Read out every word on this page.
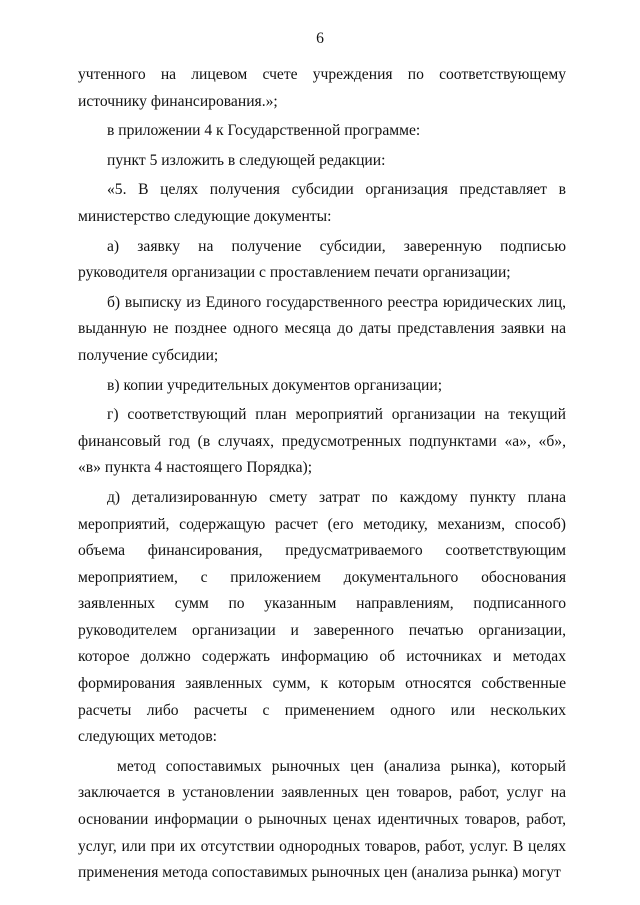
6

учтенного на лицевом счете учреждения по соответствующему источнику финансирования.»;

в приложении 4 к Государственной программе:

пункт 5 изложить в следующей редакции:

«5. В целях получения субсидии организация представляет в министерство следующие документы:

а) заявку на получение субсидии, заверенную подписью руководителя организации с проставлением печати организации;

б) выписку из Единого государственного реестра юридических лиц, выданную не позднее одного месяца до даты представления заявки на получение субсидии;

в) копии учредительных документов организации;

г) соответствующий план мероприятий организации на текущий финансовый год (в случаях, предусмотренных подпунктами «а», «б», «в» пункта 4 настоящего Порядка);

д) детализированную смету затрат по каждому пункту плана мероприятий, содержащую расчет (его методику, механизм, способ) объема финансирования, предусматриваемого соответствующим мероприятием, с приложением документального обоснования заявленных сумм по указанным направлениям, подписанного руководителем организации и заверенного печатью организации, которое должно содержать информацию об источниках и методах формирования заявленных сумм, к которым относятся собственные расчеты либо расчеты с применением одного или нескольких следующих методов:

метод сопоставимых рыночных цен (анализа рынка), который заключается в установлении заявленных цен товаров, работ, услуг на основании информации о рыночных ценах идентичных товаров, работ, услуг, или при их отсутствии однородных товаров, работ, услуг. В целях применения метода сопоставимых рыночных цен (анализа рынка) могут
